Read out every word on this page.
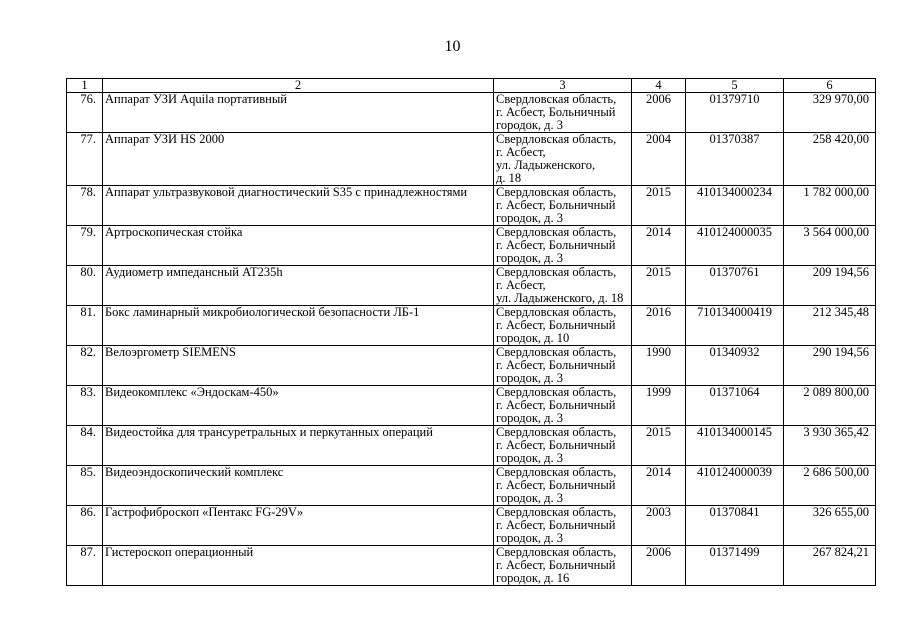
10
1	2	3	4	5	6
76.	Аппарат УЗИ Aquila портативный	Свердловская область,
г. Асбест, Больничный
городок, д. 3	2006	01379710	329 970,00
77.	Аппарат УЗИ HS 2000	Свердловская область,
г. Асбест,
ул. Ладыженского,
д. 18	2004	01370387	258 420,00
78.	Аппарат ультразвуковой диагностический S35 с принадлежностями	Свердловская область,
г. Асбест, Больничный
городок, д. 3	2015	410134000234	1 782 000,00
79.	Артроскопическая стойка	Свердловская область,
г. Асбест, Больничный
городок, д. 3	2014	410124000035	3 564 000,00
80.	Аудиометр импедансный АТ235h	Свердловская область,
г. Асбест,
ул. Ладыженского, д. 18	2015	01370761	209 194,56
81.	Бокс ламинарный микробиологической безопасности ЛБ-1	Свердловская область,
г. Асбест, Больничный
городок, д. 10	2016	710134000419	212 345,48
82.	Велоэргометр SIEMENS	Свердловская область,
г. Асбест, Больничный
городок, д. 3	1990	01340932	290 194,56
83.	Видеокомплекс «Эндоскам-450»	Свердловская область,
г. Асбест, Больничный
городок, д. 3	1999	01371064	2 089 800,00
84.	Видеостойка для трансуретральных и перкутанных операций	Свердловская область,
г. Асбест, Больничный
городок, д. 3	2015	410134000145	3 930 365,42
85.	Видеоэндоскопический комплекс	Свердловская область,
г. Асбест, Больничный
городок, д. 3	2014	410124000039	2 686 500,00
86.	Гастрофиброскоп «Пентакс FG-29V»	Свердловская область,
г. Асбест, Больничный
городок, д. 3	2003	01370841	326 655,00
87.	Гистероскоп операционный	Свердловская область,
г. Асбест, Больничный
городок, д. 16	2006	01371499	267 824,21
